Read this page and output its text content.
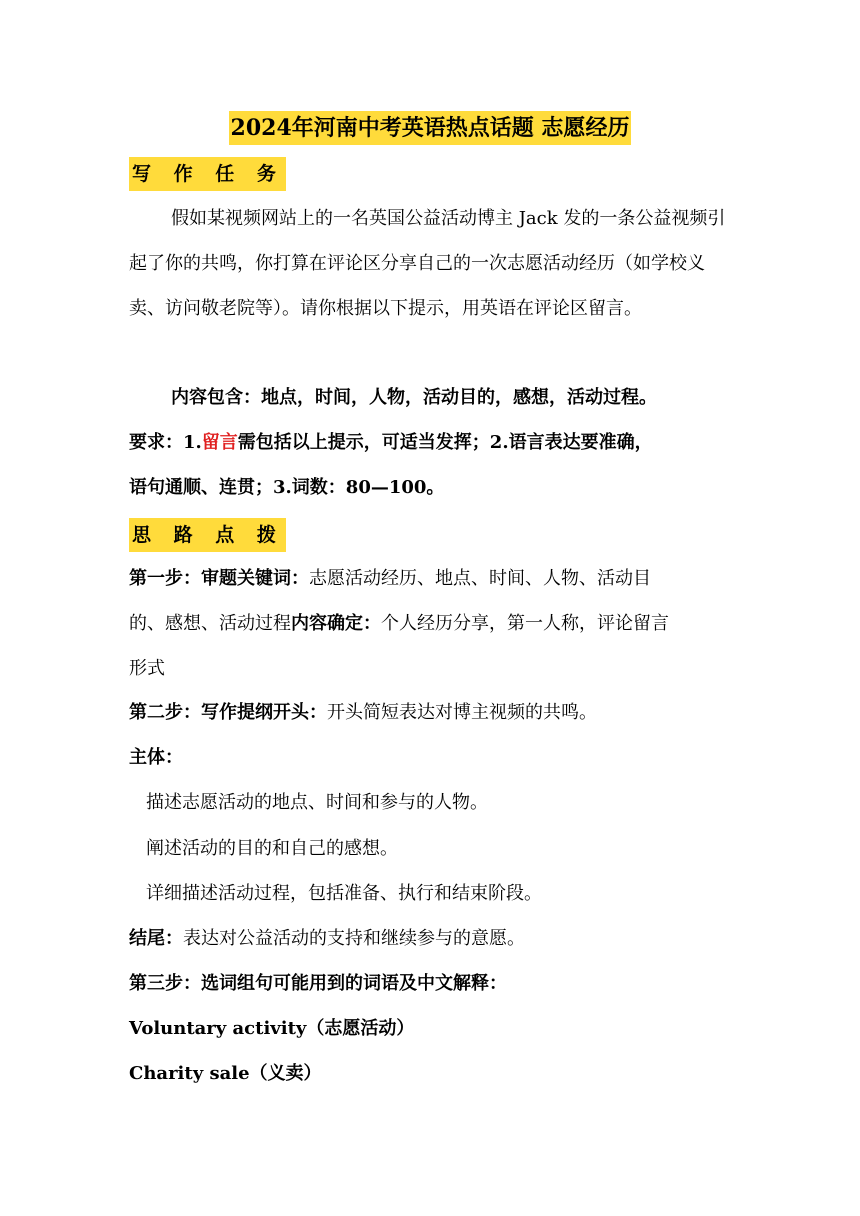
2024年河南中考英语热点话题 志愿经历
写 作 任 务
假如某视频网站上的一名英国公益活动博主 Jack 发的一条公益视频引起了你的共鸣，你打算在评论区分享自己的一次志愿活动经历（如学校义卖、访问敬老院等）。请你根据以下提示，用英语在评论区留言。
内容包含：地点，时间，人物，活动目的，感想，活动过程。
要求：1.留言需包括以上提示，可适当发挥；2.语言表达要准确，
语句通顺、连贯；3.词数：80—100。
思 路 点 拨
第一步：审题关键词：志愿活动经历、地点、时间、人物、活动目
的、感想、活动过程内容确定：个人经历分享，第一人称，评论留言
形式
第二步：写作提纲开头：开头简短表达对博主视频的共鸣。
主体：
描述志愿活动的地点、时间和参与的人物。
阐述活动的目的和自己的感想。
详细描述活动过程，包括准备、执行和结束阶段。
结尾：表达对公益活动的支持和继续参与的意愿。
第三步：选词组句可能用到的词语及中文解释：
Voluntary activity（志愿活动）
Charity sale（义卖）
